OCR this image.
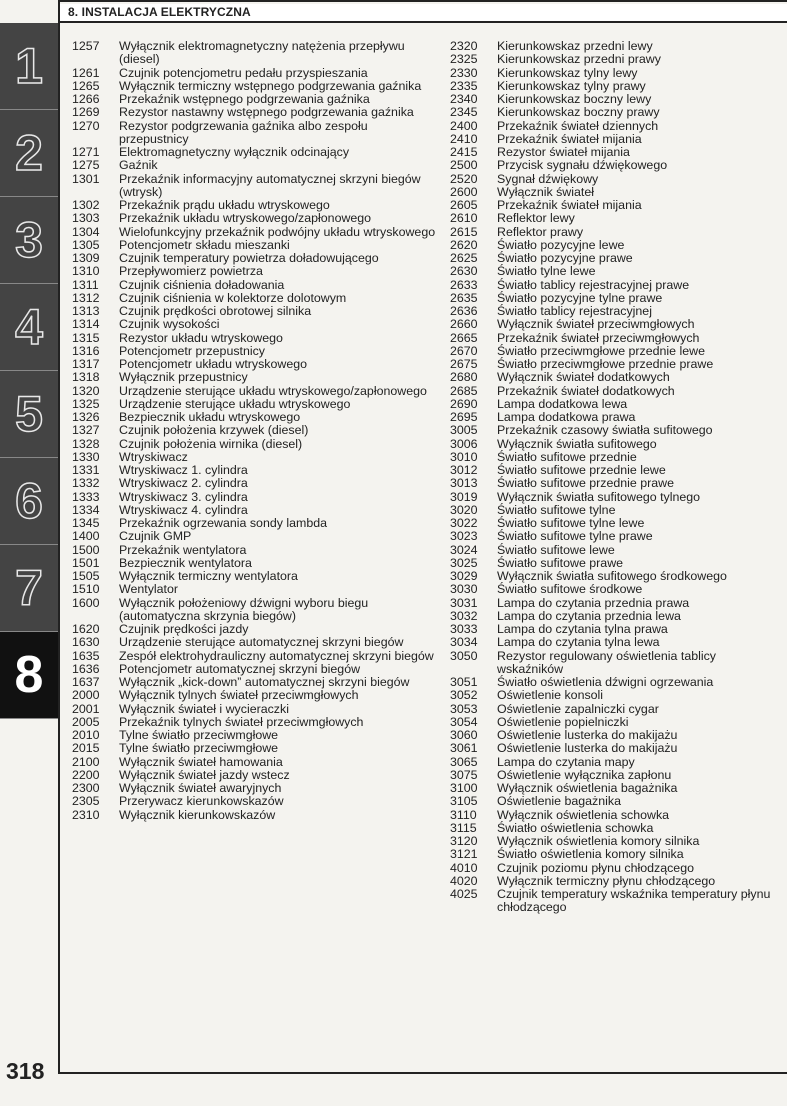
8. INSTALACJA ELEKTRYCZNA
1
2
3
4
5
6
7
8
318
1257	Wyłącznik elektromagnetyczny natężenia przepływu (diesel)
1261	Czujnik potencjometru pedału przyspieszania
1265	Wyłącznik termiczny wstępnego podgrzewania gaźnika
1266	Przekaźnik wstępnego podgrzewania gaźnika
1269	Rezystor nastawny wstępnego podgrzewania gaźnika
1270	Rezystor podgrzewania gaźnika albo zespołu przepustnicy
1271	Elektromagnetyczny wyłącznik odcinający
1275	Gaźnik
1301	Przekaźnik informacyjny automatycznej skrzyni biegów (wtrysk)
1302	Przekaźnik prądu układu wtryskowego
1303	Przekaźnik układu wtryskowego/zapłonowego
1304	Wielofunkcyjny przekaźnik podwójny układu wtryskowego
1305	Potencjometr składu mieszanki
1309	Czujnik temperatury powietrza doładowującego
1310	Przepływomierz powietrza
1311	Czujnik ciśnienia doładowania
1312	Czujnik ciśnienia w kolektorze dolotowym
1313	Czujnik prędkości obrotowej silnika
1314	Czujnik wysokości
1315	Rezystor układu wtryskowego
1316	Potencjometr przepustnicy
1317	Potencjometr układu wtryskowego
1318	Wyłącznik przepustnicy
1320	Urządzenie sterujące układu wtryskowego/zapłonowego
1325	Urządzenie sterujące układu wtryskowego
1326	Bezpiecznik układu wtryskowego
1327	Czujnik położenia krzywek (diesel)
1328	Czujnik położenia wirnika (diesel)
1330	Wtryskiwacz
1331	Wtryskiwacz 1. cylindra
1332	Wtryskiwacz 2. cylindra
1333	Wtryskiwacz 3. cylindra
1334	Wtryskiwacz 4. cylindra
1345	Przekaźnik ogrzewania sondy lambda
1400	Czujnik GMP
1500	Przekaźnik wentylatora
1501	Bezpiecznik wentylatora
1505	Wyłącznik termiczny wentylatora
1510	Wentylator
1600	Wyłącznik położeniowy dźwigni wyboru biegu (automatyczna skrzynia biegów)
1620	Czujnik prędkości jazdy
1630	Urządzenie sterujące automatycznej skrzyni biegów
1635	Zespół elektrohydrauliczny automatycznej skrzyni biegów
1636	Potencjometr automatycznej skrzyni biegów
1637	Wyłącznik „kick-down” automatycznej skrzyni biegów
2000	Wyłącznik tylnych świateł przeciwmgłowych
2001	Wyłącznik świateł i wycieraczki
2005	Przekaźnik tylnych świateł przeciwmgłowych
2010	Tylne światło przeciwmgłowe
2015	Tylne światło przeciwmgłowe
2100	Wyłącznik świateł hamowania
2200	Wyłącznik świateł jazdy wstecz
2300	Wyłącznik świateł awaryjnych
2305	Przerywacz kierunkowskazów
2310	Wyłącznik kierunkowskazów
2320	Kierunkowskaz przedni lewy
2325	Kierunkowskaz przedni prawy
2330	Kierunkowskaz tylny lewy
2335	Kierunkowskaz tylny prawy
2340	Kierunkowskaz boczny lewy
2345	Kierunkowskaz boczny prawy
2400	Przekaźnik świateł dziennych
2410	Przekaźnik świateł mijania
2415	Rezystor świateł mijania
2500	Przycisk sygnału dźwiękowego
2520	Sygnał dźwiękowy
2600	Wyłącznik świateł
2605	Przekaźnik świateł mijania
2610	Reflektor lewy
2615	Reflektor prawy
2620	Światło pozycyjne lewe
2625	Światło pozycyjne prawe
2630	Światło tylne lewe
2633	Światło tablicy rejestracyjnej prawe
2635	Światło pozycyjne tylne prawe
2636	Światło tablicy rejestracyjnej
2660	Wyłącznik świateł przeciwmgłowych
2665	Przekaźnik świateł przeciwmgłowych
2670	Światło przeciwmgłowe przednie lewe
2675	Światło przeciwmgłowe przednie prawe
2680	Wyłącznik świateł dodatkowych
2685	Przekaźnik świateł dodatkowych
2690	Lampa dodatkowa lewa
2695	Lampa dodatkowa prawa
3005	Przekaźnik czasowy światła sufitowego
3006	Wyłącznik światła sufitowego
3010	Światło sufitowe przednie
3012	Światło sufitowe przednie lewe
3013	Światło sufitowe przednie prawe
3019	Wyłącznik światła sufitowego tylnego
3020	Światło sufitowe tylne
3022	Światło sufitowe tylne lewe
3023	Światło sufitowe tylne prawe
3024	Światło sufitowe lewe
3025	Światło sufitowe prawe
3029	Wyłącznik światła sufitowego środkowego
3030	Światło sufitowe środkowe
3031	Lampa do czytania przednia prawa
3032	Lampa do czytania przednia lewa
3033	Lampa do czytania tylna prawa
3034	Lampa do czytania tylna lewa
3050	Rezystor regulowany oświetlenia tablicy wskaźników
3051	Światło oświetlenia dźwigni ogrzewania
3052	Oświetlenie konsoli
3053	Oświetlenie zapalniczki cygar
3054	Oświetlenie popielniczki
3060	Oświetlenie lusterka do makijażu
3061	Oświetlenie lusterka do makijażu
3065	Lampa do czytania mapy
3075	Oświetlenie wyłącznika zapłonu
3100	Wyłącznik oświetlenia bagażnika
3105	Oświetlenie bagażnika
3110	Wyłącznik oświetlenia schowka
3115	Światło oświetlenia schowka
3120	Wyłącznik oświetlenia komory silnika
3121	Światło oświetlenia komory silnika
4010	Czujnik poziomu płynu chłodzącego
4020	Wyłącznik termiczny płynu chłodzącego
4025	Czujnik temperatury wskaźnika temperatury płynu chłodzącego
